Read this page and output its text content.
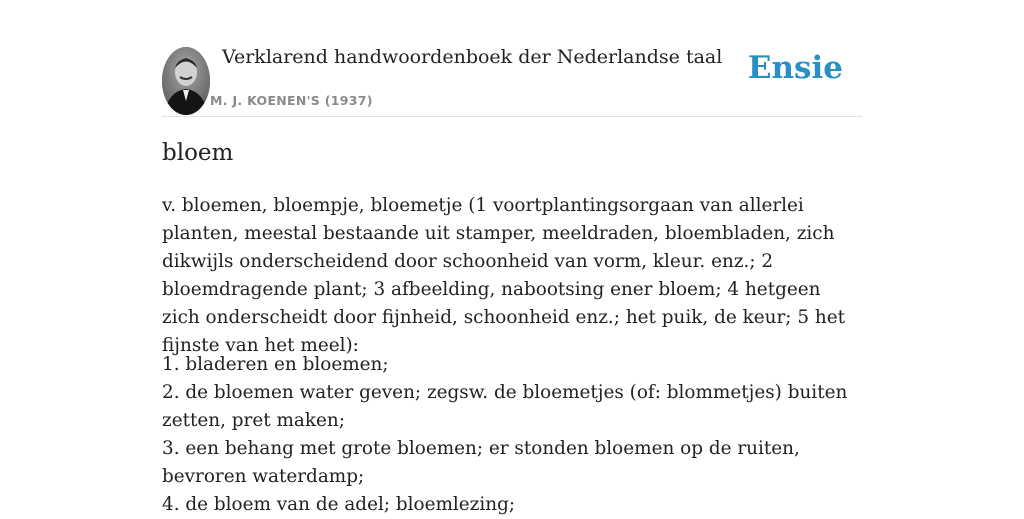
Verklarend handwoordenboek der Nederlandse taal
M. J. KOENEN'S (1937)
Ensie
bloem

v. bloemen, bloempje, bloemetje (1 voortplantingsorgaan van allerlei planten, meestal bestaande uit stamper, meeldraden, bloembladen, zich dikwijls onderscheidend door schoonheid van vorm, kleur. enz.; 2 bloemdragende plant; 3 afbeelding, nabootsing ener bloem; 4 hetgeen zich onderscheidt door fijnheid, schoonheid enz.; het puik, de keur; 5 het fijnste van het meel):

1. bladeren en bloemen;
2. de bloemen water geven; zegsw. de bloemetjes (of: blommetjes) buiten zetten, pret maken;
3. een behang met grote bloemen; er stonden bloemen op de ruiten, bevroren waterdamp;
4. de bloem van de adel; bloemlezing;
